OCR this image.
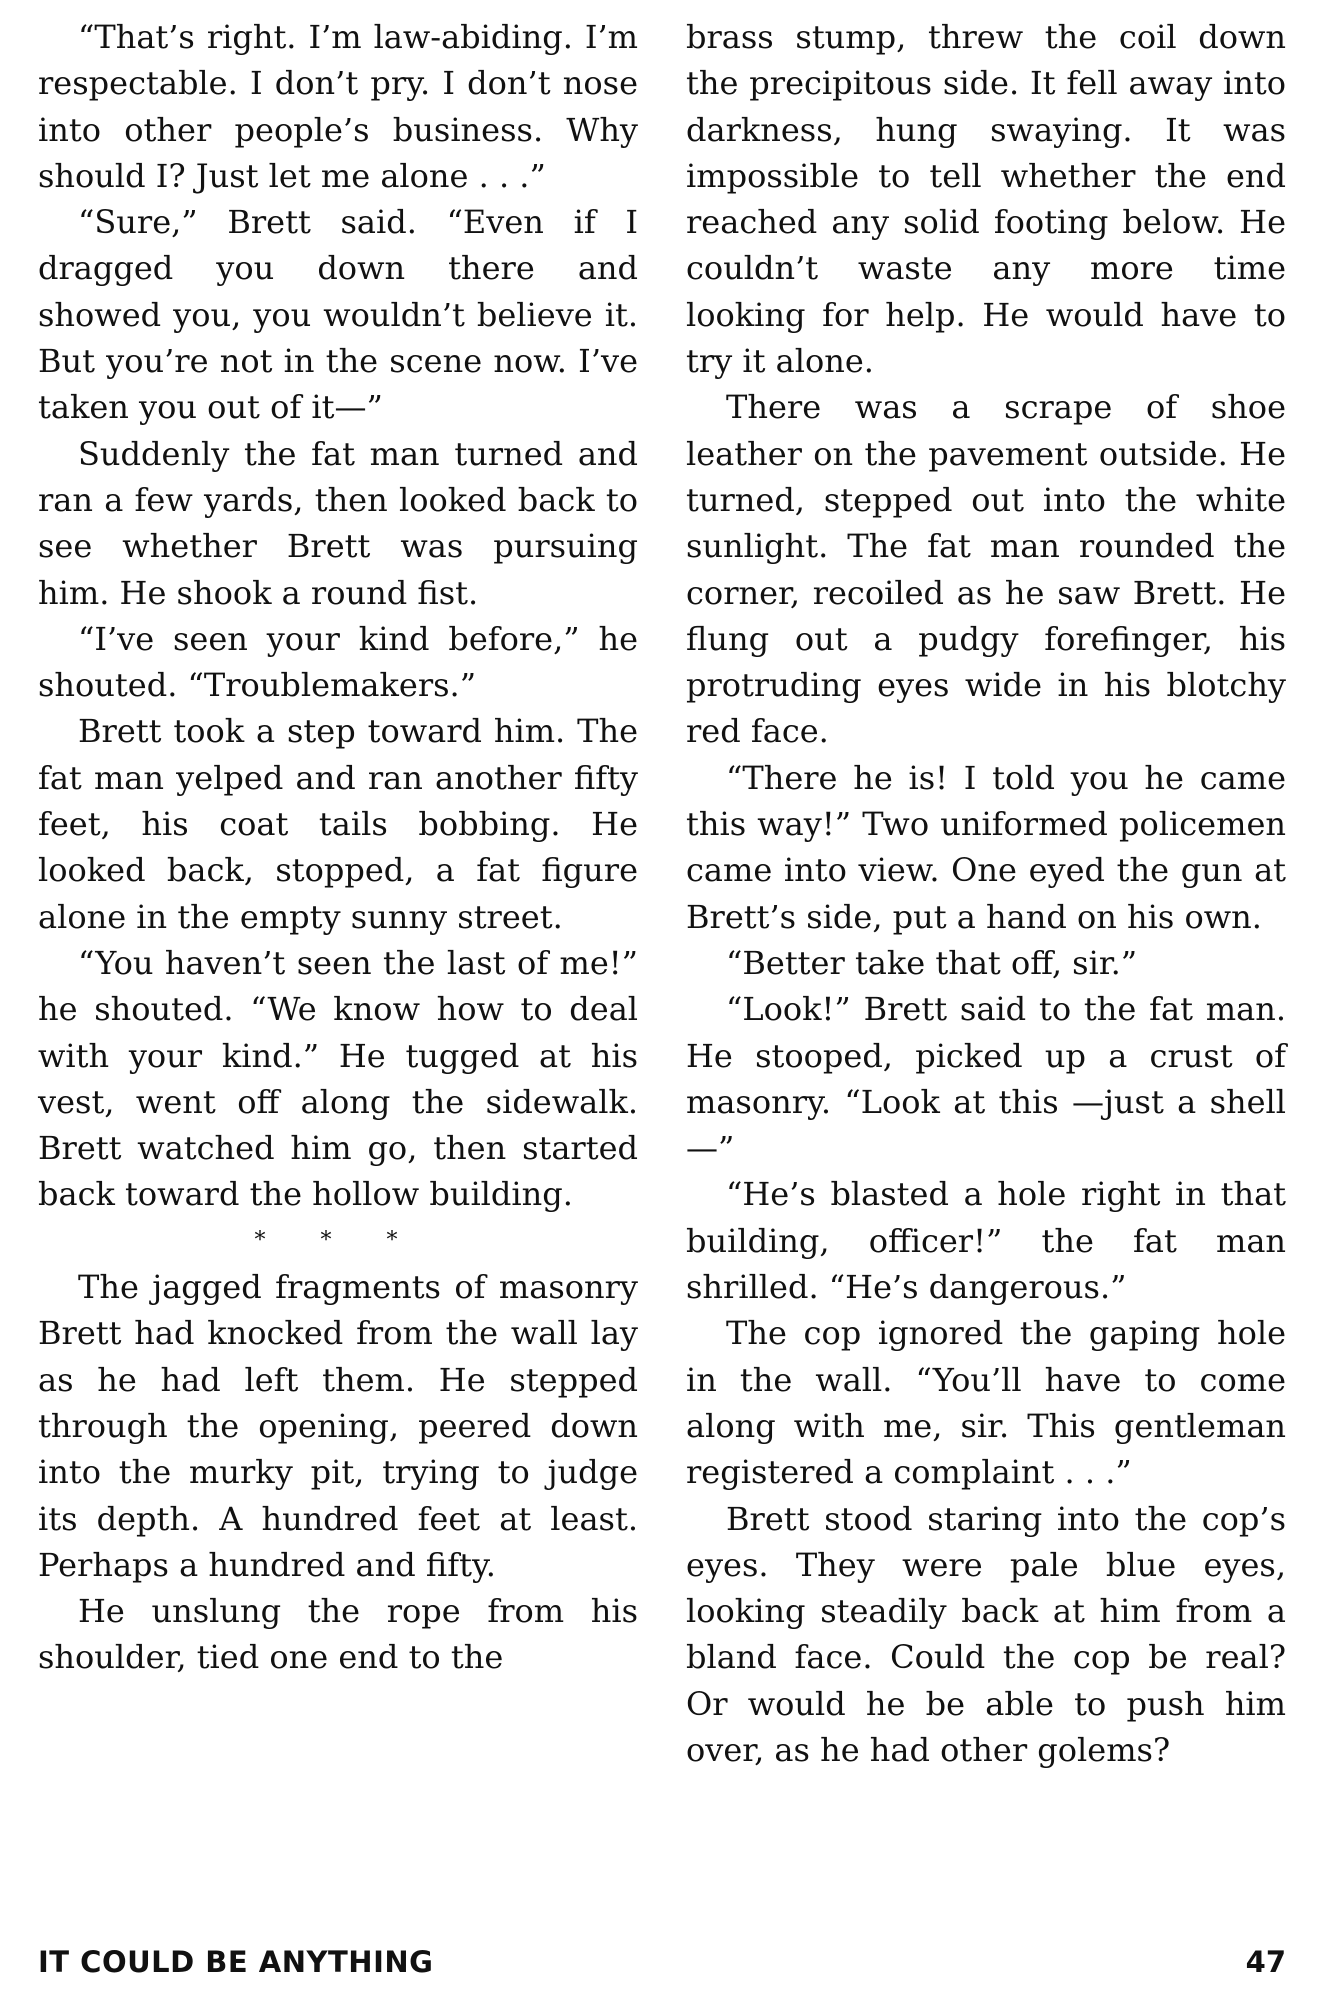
“That’s right. I’m law-abiding. I’m respectable. I don’t pry. I don’t nose into other people’s business. Why should I? Just let me alone . . .”

“Sure,” Brett said. “Even if I dragged you down there and showed you, you wouldn’t believe it. But you’re not in the scene now. I’ve taken you out of it—”

Suddenly the fat man turned and ran a few yards, then looked back to see whether Brett was pursuing him. He shook a round fist.

“I’ve seen your kind before,” he shouted. “Troublemakers.”

Brett took a step toward him. The fat man yelped and ran another fifty feet, his coat tails bobbing. He looked back, stopped, a fat figure alone in the empty sunny street.

“You haven’t seen the last of me!” he shouted. “We know how to deal with your kind.” He tugged at his vest, went off along the sidewalk. Brett watched him go, then started back toward the hollow building.

* * *

The jagged fragments of masonry Brett had knocked from the wall lay as he had left them. He stepped through the opening, peered down into the murky pit, trying to judge its depth. A hundred feet at least. Perhaps a hundred and fifty.

He unslung the rope from his shoulder, tied one end to the

brass stump, threw the coil down the precipitous side. It fell away into darkness, hung swaying. It was impossible to tell whether the end reached any solid footing below. He couldn’t waste any more time looking for help. He would have to try it alone.

There was a scrape of shoe leather on the pavement outside. He turned, stepped out into the white sunlight. The fat man rounded the corner, recoiled as he saw Brett. He flung out a pudgy forefinger, his protruding eyes wide in his blotchy red face.

“There he is! I told you he came this way!” Two uniformed policemen came into view. One eyed the gun at Brett’s side, put a hand on his own.

“Better take that off, sir.”

“Look!” Brett said to the fat man. He stooped, picked up a crust of masonry. “Look at this —just a shell—”

“He’s blasted a hole right in that building, officer!” the fat man shrilled. “He’s dangerous.”

The cop ignored the gaping hole in the wall. “You’ll have to come along with me, sir. This gentleman registered a complaint . . .”

Brett stood staring into the cop’s eyes. They were pale blue eyes, looking steadily back at him from a bland face. Could the cop be real? Or would he be able to push him over, as he had other golems?

IT COULD BE ANYTHING	47
